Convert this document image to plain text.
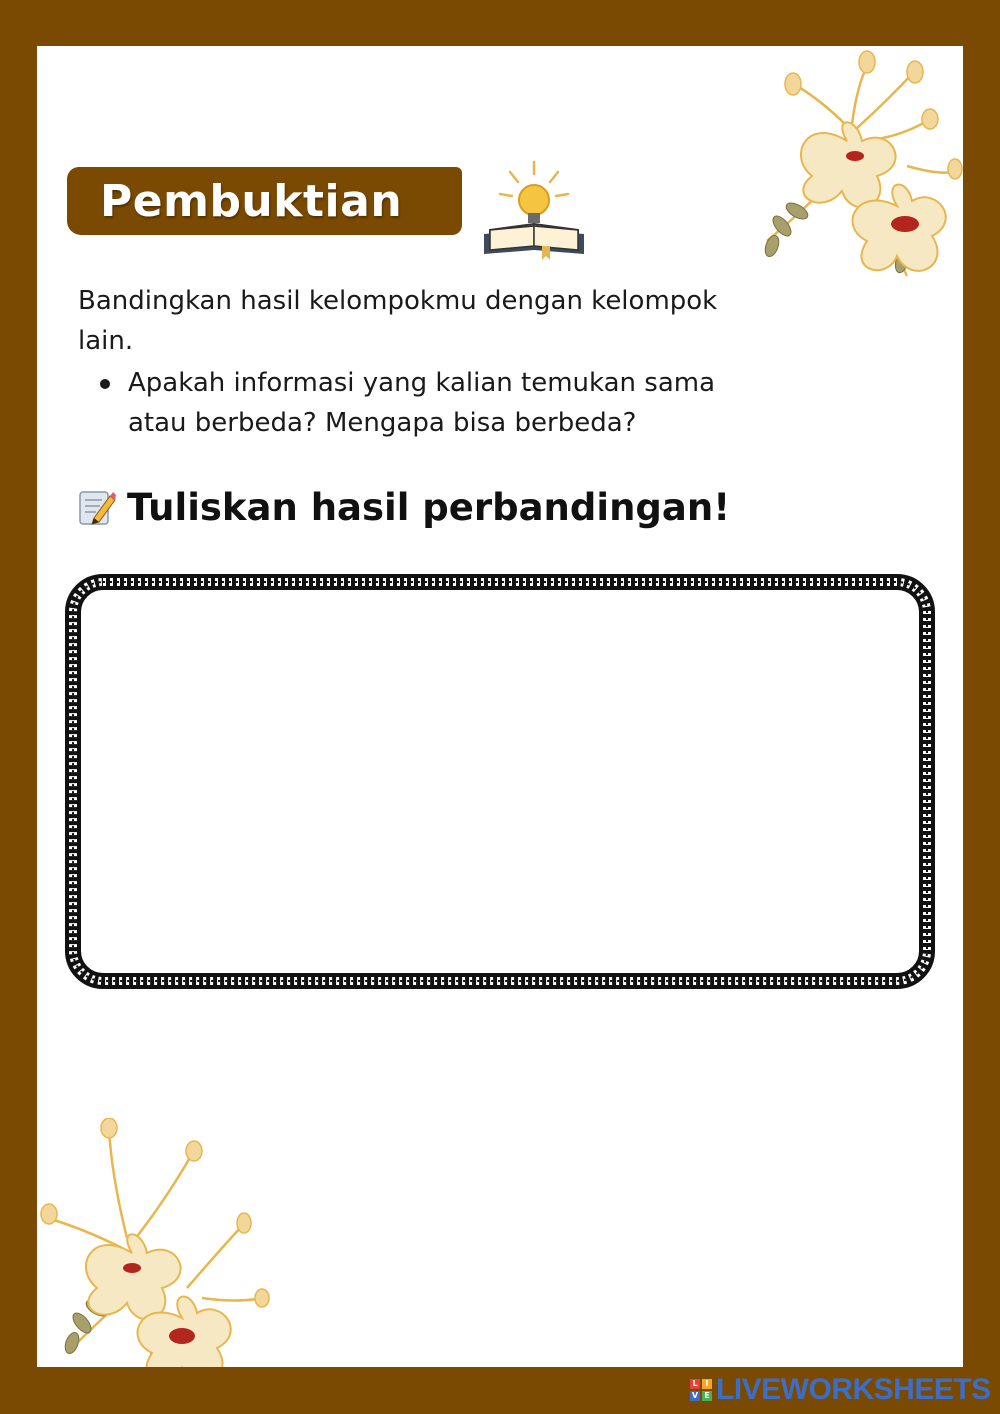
Pembuktian
Bandingkan hasil kelompokmu dengan kelompok lain.
Apakah informasi yang kalian temukan sama atau berbeda? Mengapa bisa berbeda?
Tuliskan hasil perbandingan!
L I
V E LIVEWORKSHEETS
